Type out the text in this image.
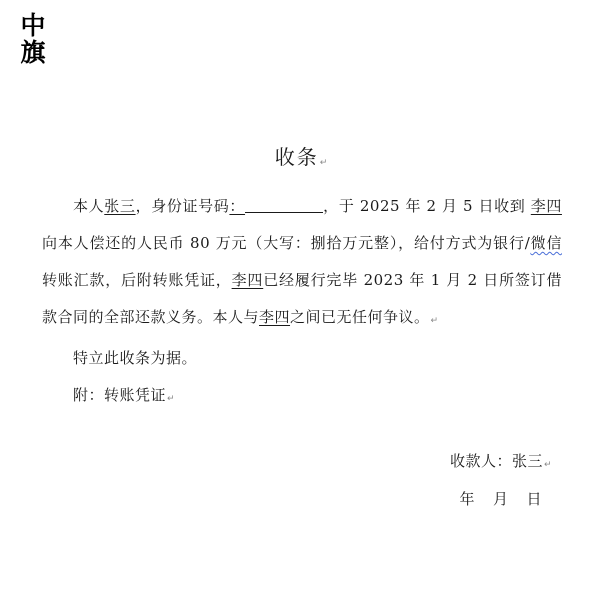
中
旗
收条↵
本人张三，身份证号码：	，于 2025 年 2 月 5 日收到 李四向本人偿还的人民币 80 万元（大写：捌拾万元整），给付方式为银行/微信转账汇款，后附转账凭证，李四已经履行完毕 2023 年 1 月 2 日所签订借款合同的全部还款义务。本人与李四之间已无任何争议。↵
特立此收条为据。
附：转账凭证↵
收款人：张三↵
年 月 日
